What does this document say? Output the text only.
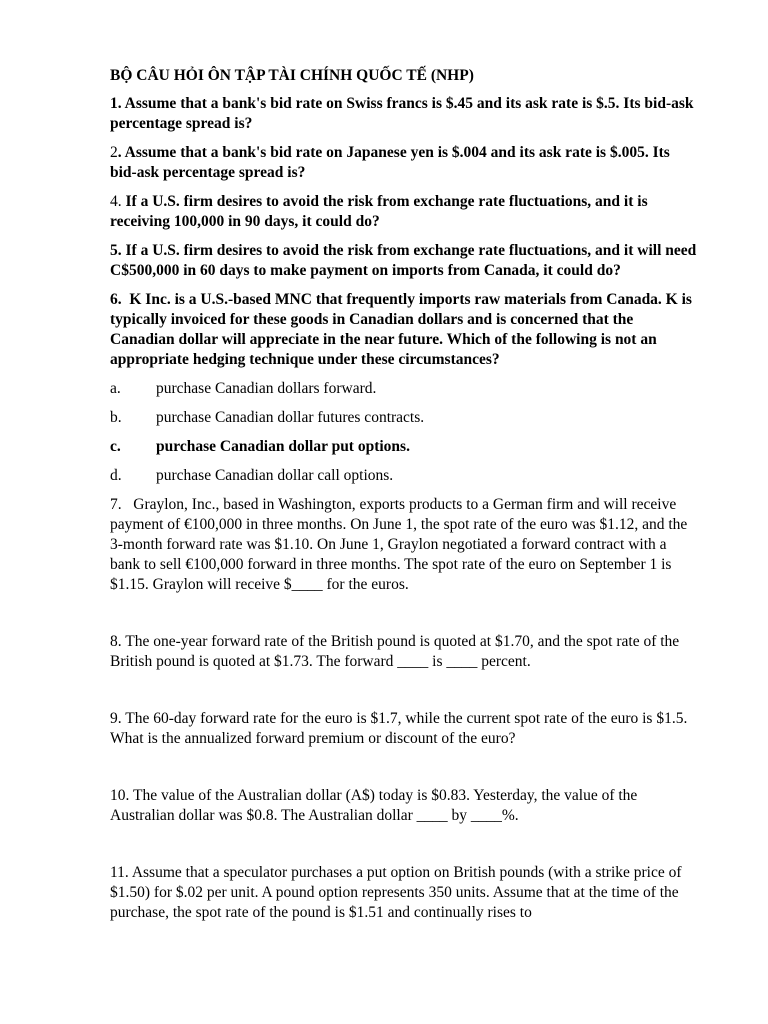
BỘ CÂU HỎI ÔN TẬP TÀI CHÍNH QUỐC TẾ (NHP)

1. Assume that a bank's bid rate on Swiss francs is $.45 and its ask rate is $.5. Its bid-ask percentage spread is?

2. Assume that a bank's bid rate on Japanese yen is $.004 and its ask rate is $.005. Its bid-ask percentage spread is?

4. If a U.S. firm desires to avoid the risk from exchange rate fluctuations, and it is receiving 100,000 in 90 days, it could do?

5. If a U.S. firm desires to avoid the risk from exchange rate fluctuations, and it will need C$500,000 in 60 days to make payment on imports from Canada, it could do?

6.  K Inc. is a U.S.-based MNC that frequently imports raw materials from Canada. K is typically invoiced for these goods in Canadian dollars and is concerned that the Canadian dollar will appreciate in the near future. Which of the following is not an appropriate hedging technique under these circumstances?

a.	purchase Canadian dollars forward.
b.	purchase Canadian dollar futures contracts.
c.	purchase Canadian dollar put options.
d.	purchase Canadian dollar call options.

7.   Graylon, Inc., based in Washington, exports products to a German firm and will receive payment of €100,000 in three months. On June 1, the spot rate of the euro was $1.12, and the 3-month forward rate was $1.10. On June 1, Graylon negotiated a forward contract with a bank to sell €100,000 forward in three months. The spot rate of the euro on September 1 is $1.15. Graylon will receive $____ for the euros.

8. The one-year forward rate of the British pound is quoted at $1.70, and the spot rate of the British pound is quoted at $1.73. The forward ____ is ____ percent.

9. The 60-day forward rate for the euro is $1.7, while the current spot rate of the euro is $1.5. What is the annualized forward premium or discount of the euro?

10. The value of the Australian dollar (A$) today is $0.83. Yesterday, the value of the Australian dollar was $0.8. The Australian dollar ____ by ____%.

11. Assume that a speculator purchases a put option on British pounds (with a strike price of $1.50) for $.02 per unit. A pound option represents 350 units. Assume that at the time of the purchase, the spot rate of the pound is $1.51 and continually rises to
